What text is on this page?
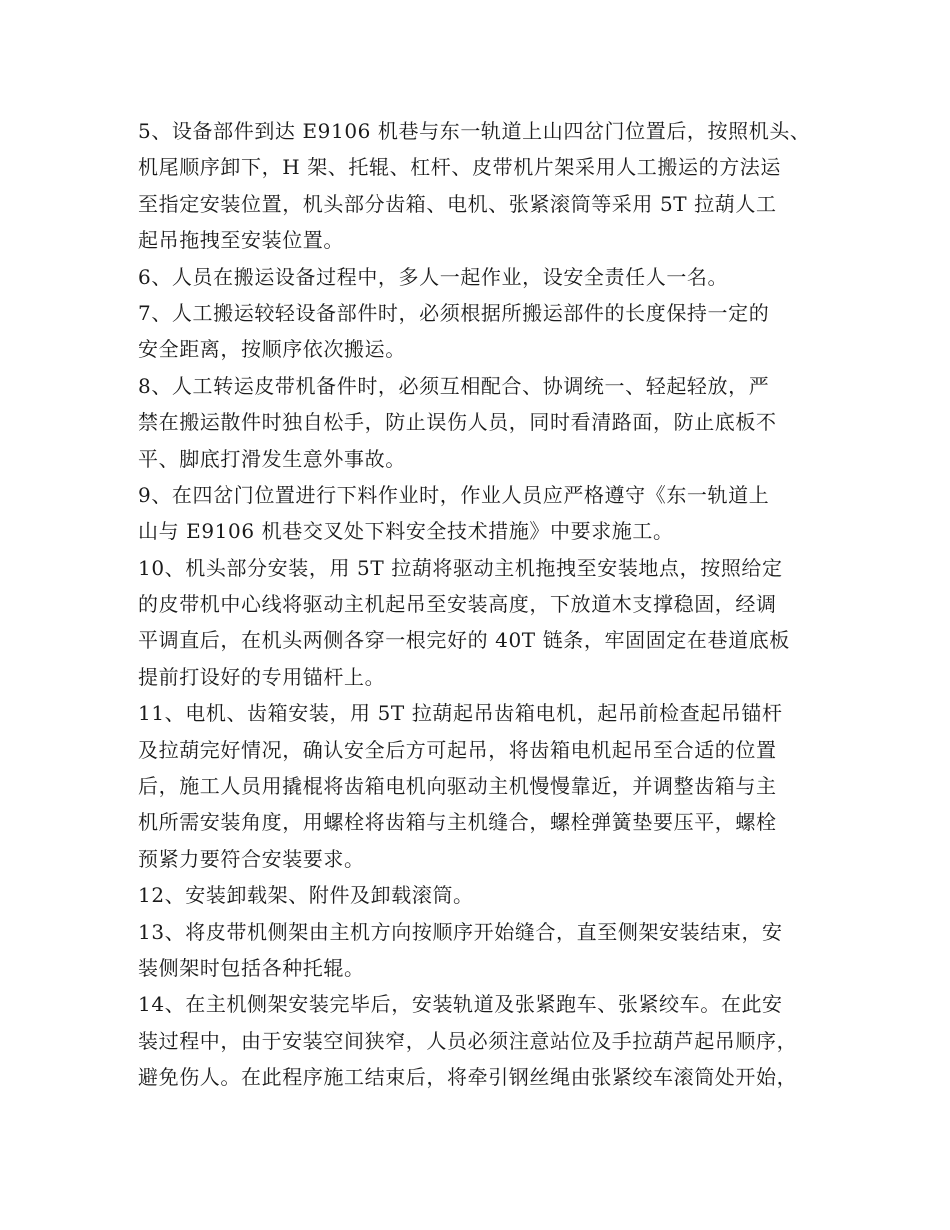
5、设备部件到达 E9106 机巷与东一轨道上山四岔门位置后，按照机头、
机尾顺序卸下，H 架、托辊、杠杆、皮带机片架采用人工搬运的方法运
至指定安装位置，机头部分齿箱、电机、张紧滚筒等采用 5T 拉葫人工
起吊拖拽至安装位置。
6、人员在搬运设备过程中，多人一起作业，设安全责任人一名。
7、人工搬运较轻设备部件时，必须根据所搬运部件的长度保持一定的
安全距离，按顺序依次搬运。
8、人工转运皮带机备件时，必须互相配合、协调统一、轻起轻放，严
禁在搬运散件时独自松手，防止误伤人员，同时看清路面，防止底板不
平、脚底打滑发生意外事故。
9、在四岔门位置进行下料作业时，作业人员应严格遵守《东一轨道上
山与 E9106 机巷交叉处下料安全技术措施》中要求施工。
10、机头部分安装，用 5T 拉葫将驱动主机拖拽至安装地点，按照给定
的皮带机中心线将驱动主机起吊至安装高度，下放道木支撑稳固，经调
平调直后，在机头两侧各穿一根完好的 40T 链条，牢固固定在巷道底板
提前打设好的专用锚杆上。
11、电机、齿箱安装，用 5T 拉葫起吊齿箱电机，起吊前检查起吊锚杆
及拉葫完好情况，确认安全后方可起吊，将齿箱电机起吊至合适的位置
后，施工人员用撬棍将齿箱电机向驱动主机慢慢靠近，并调整齿箱与主
机所需安装角度，用螺栓将齿箱与主机缝合，螺栓弹簧垫要压平，螺栓
预紧力要符合安装要求。
12、安装卸载架、附件及卸载滚筒。
13、将皮带机侧架由主机方向按顺序开始缝合，直至侧架安装结束，安
装侧架时包括各种托辊。
14、在主机侧架安装完毕后，安装轨道及张紧跑车、张紧绞车。在此安
装过程中，由于安装空间狭窄，人员必须注意站位及手拉葫芦起吊顺序，
避免伤人。在此程序施工结束后，将牵引钢丝绳由张紧绞车滚筒处开始，
